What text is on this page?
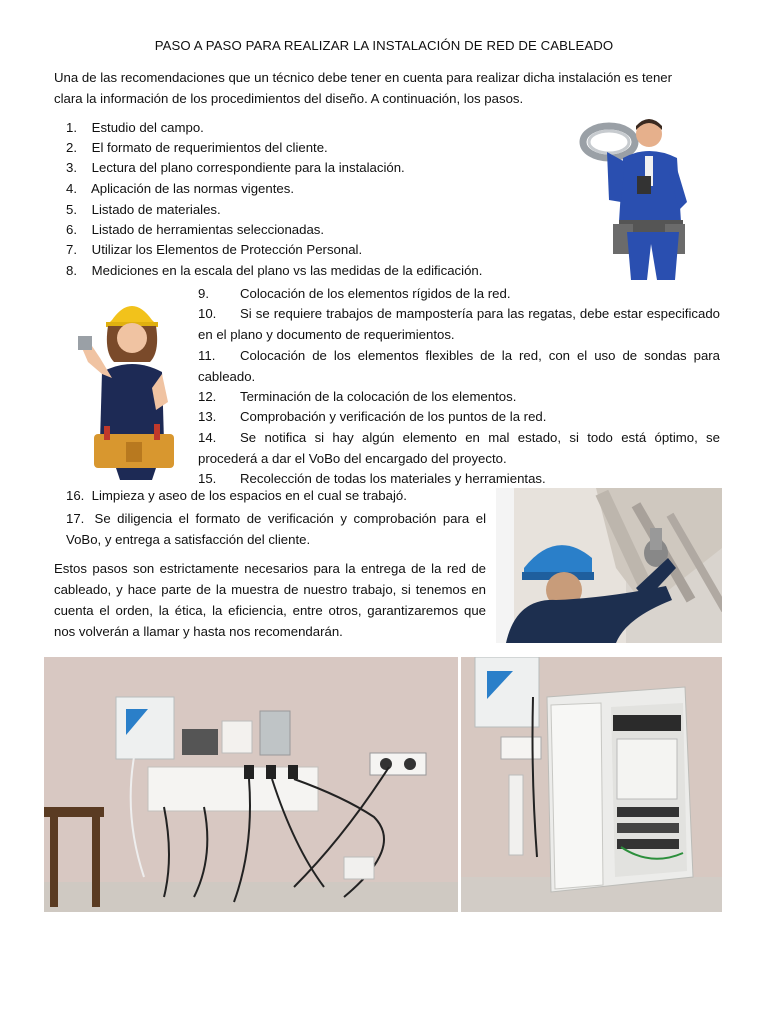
PASO A PASO PARA REALIZAR LA INSTALACIÓN DE RED DE CABLEADO

Una de las recomendaciones que un técnico debe tener en cuenta para realizar dicha instalación es tener

clara la información de los procedimientos del diseño. A continuación, los pasos.

1. Estudio del campo.
2. El formato de requerimientos del cliente.
3. Lectura del plano correspondiente para la instalación.
4. Aplicación de las normas vigentes.
5. Listado de materiales.
6. Listado de herramientas seleccionadas.
7. Utilizar los Elementos de Protección Personal.
8. Mediciones en la escala del plano vs las medidas de la edificación.
9. Colocación de los elementos rígidos de la red.
10. Si se requiere trabajos de mampostería para las regatas, debe estar especificado en el plano y documento de requerimientos.
11. Colocación de los elementos flexibles de la red, con el uso de sondas para cableado.
12. Terminación de la colocación de los elementos.
13. Comprobación y verificación de los puntos de la red.
14. Se notifica si hay algún elemento en mal estado, si todo está óptimo, se procederá a dar el VoBo del encargado del proyecto.
15. Recolección de todas los materiales y herramientas.
16. Limpieza y aseo de los espacios en el cual se trabajó.
17. Se diligencia el formato de verificación y comprobación para el VoBo, y entrega a satisfacción del cliente.
Estos pasos son estrictamente necesarios para la entrega de la red de cableado, y hace parte de la muestra de nuestro trabajo, si tenemos en cuenta el orden, la ética, la eficiencia, entre otros, garantizaremos que nos volverán a llamar y hasta nos recomendarán.
